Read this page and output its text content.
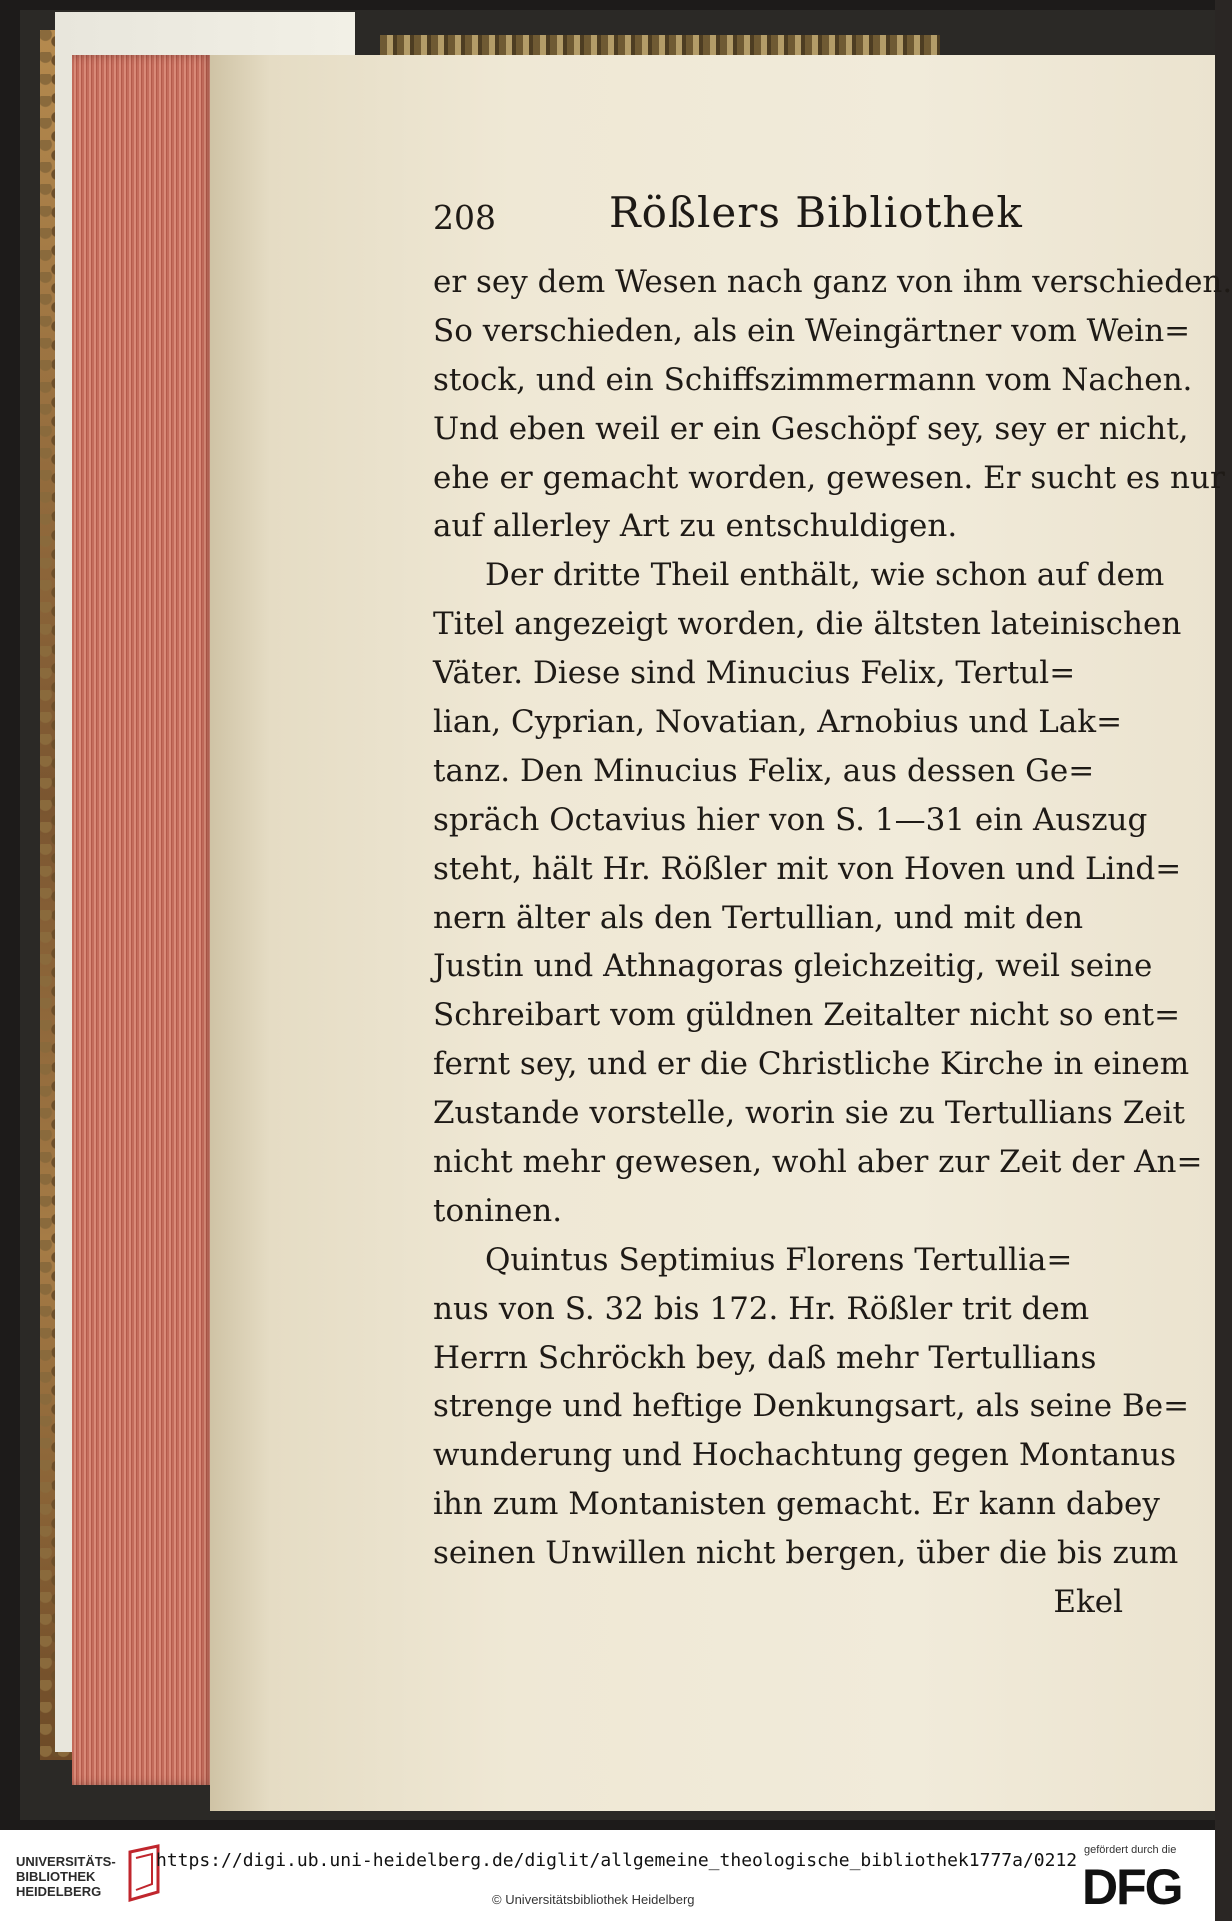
208	Rößlers Bibliothek
er sey dem Wesen nach ganz von ihm verschieden.
So verschieden, als ein Weingärtner vom Wein=
stock, und ein Schiffszimmermann vom Nachen.
Und eben weil er ein Geschöpf sey, sey er nicht,
ehe er gemacht worden, gewesen. Er sucht es nur
auf allerley Art zu entschuldigen.
Der dritte Theil enthält, wie schon auf dem
Titel angezeigt worden, die ältsten lateinischen
Väter. Diese sind Minucius Felix, Tertul=
lian, Cyprian, Novatian, Arnobius und Lak=
tanz. Den Minucius Felix, aus dessen Ge=
spräch Octavius hier von S. 1—31 ein Auszug
steht, hält Hr. Rößler mit von Hoven und Lind=
nern älter als den Tertullian, und mit den
Justin und Athnagoras gleichzeitig, weil seine
Schreibart vom güldnen Zeitalter nicht so ent=
fernt sey, und er die Christliche Kirche in einem
Zustande vorstelle, worin sie zu Tertullians Zeit
nicht mehr gewesen, wohl aber zur Zeit der An=
toninen.
Quintus Septimius Florens Tertullia=
nus von S. 32 bis 172. Hr. Rößler trit dem
Herrn Schröckh bey, daß mehr Tertullians
strenge und heftige Denkungsart, als seine Be=
wunderung und Hochachtung gegen Montanus
ihn zum Montanisten gemacht. Er kann dabey
seinen Unwillen nicht bergen, über die bis zum
Ekel
UNIVERSITÄTS-
BIBLIOTHEK
HEIDELBERG
https://digi.ub.uni-heidelberg.de/diglit/allgemeine_theologische_bibliothek1777a/0212
© Universitätsbibliothek Heidelberg
gefördert durch die
DFG
